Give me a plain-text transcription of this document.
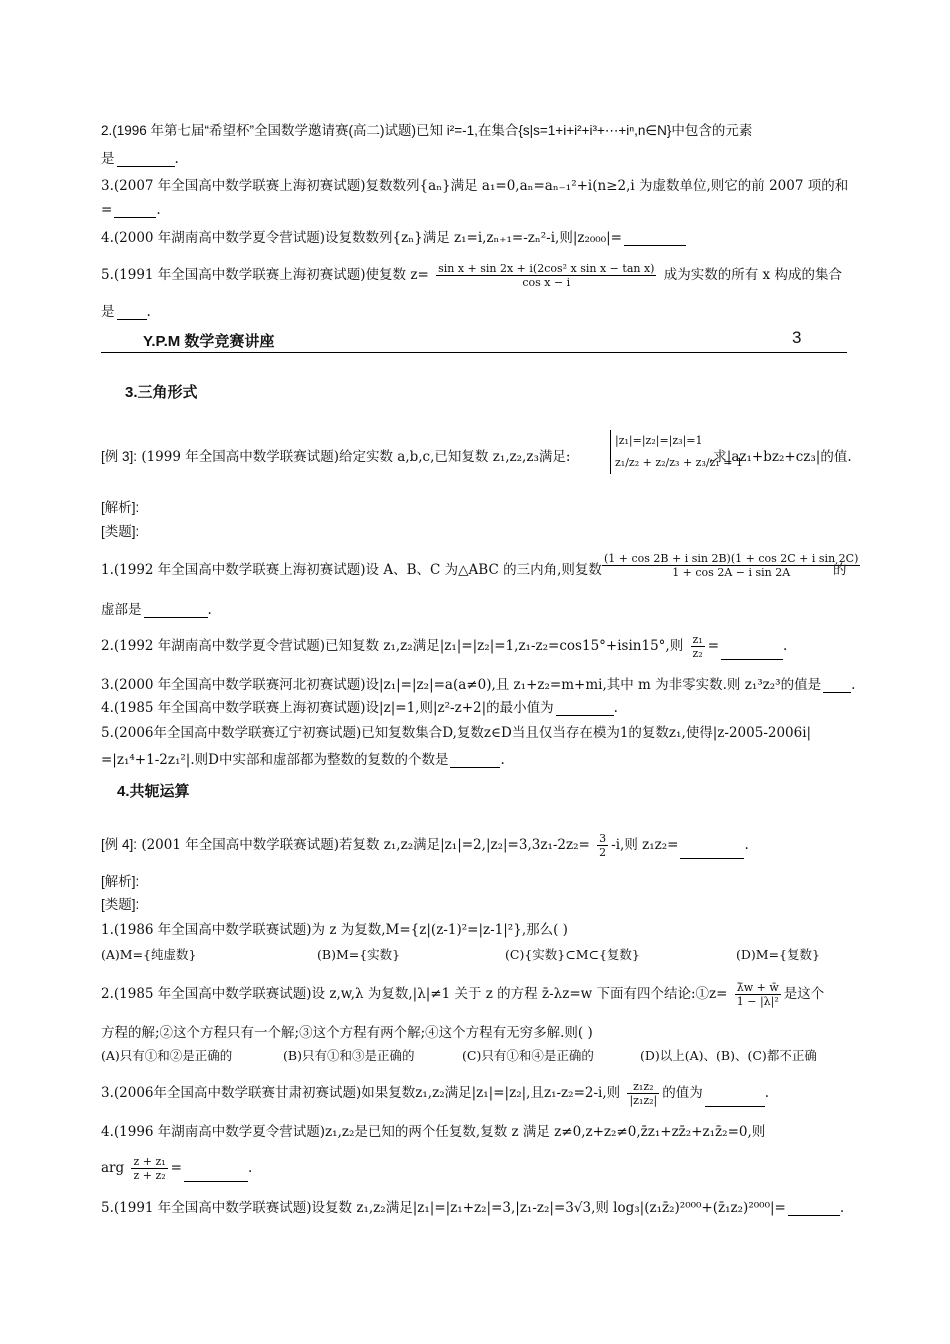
2.(1996 年第七届“希望杯”全国数学邀请赛(高二)试题)已知 i²=-1,在集合{s|s=1+i+i²+i³+⋯+iⁿ,n∈N}中包含的元素
是	.
3.(2007 年全国高中数学联赛上海初赛试题)复数数列{aₙ}满足 a₁=0,aₙ=aₙ₋₁²+i(n≥2,i 为虚数单位,则它的前 2007 项的和
=	.
4.(2000 年湖南高中数学夏令营试题)设复数数列{zₙ}满足 z₁=i,zₙ₊₁=-zₙ²-i,则|z₂₀₀₀|=
5.(1991 年全国高中数学联赛上海初赛试题)使复数 $z= \frac{\text{sin x + sin 2x + i(2cos² x sin x − tan x)}}{\text{cos x − i}}$ 成为实数的所有 x 构成的集合
是 .
Y.P.M 数学竞赛讲座	3
3.三角形式
[例 3]: (1999 年全国高中数学联赛试题)给定实数 a,b,c,已知复数 z₁,z₂,z₃满足:
|z₁|=|z₂|=|z₃|=1
z₁/z₂ + z₂/z₃ + z₃/z₁ = 1
,求|az₁+bz₂+cz₃|的值.
[解析]:
[类题]:
1.(1992 年全国高中数学联赛上海初赛试题)设 A、B、C 为△ABC 的三内角,则复数 $\frac{\text{(1 + cos 2B + i sin 2B)(1 + cos 2C + i sin 2C)}}{\text{1 + cos 2A − i sin 2A}}$
的
虚部是	.
2.(1992 年湖南高中数学夏令营试题)已知复数 z₁,z₂满足|z₁|=|z₂|=1,z₁-z₂=cos15°+isin15°,则 $\frac{\text{z₁}}{\text{z₂}}$ =	.
3.(2000 年全国高中数学联赛河北初赛试题)设|z₁|=|z₂|=a(a≠0),且 z₁+z₂=m+mi,其中 m 为非零实数.则 z₁³z₂³的值是 .
4.(1985 年全国高中数学联赛上海初赛试题)设|z|=1,则|z²-z+2|的最小值为	.
5.(2006年全国高中数学联赛辽宁初赛试题)已知复数集合D,复数z∈D当且仅当存在模为1的复数z₁,使得|z-2005-2006i|
=|z₁⁴+1-2z₁²|.则D中实部和虚部都为整数的复数的个数是	.
4.共轭运算
[例 4]: (2001 年全国高中数学联赛试题)若复数 z₁,z₂满足$|z_1|=2,|z_2|=3,3z_1-2z_2= \frac{3}{2} -i$,则 z₁z₂=	.
[解析]:
[类题]:
1.(1986 年全国高中数学联赛试题)为 z 为复数,M={z|(z-1)²=|z-1|²},那么( )
(A)M={纯虚数}	(B)M={实数}	(C){实数}⊂M⊂{复数}	(D)M={复数}
2.(1985 年全国高中数学联赛试题)设 z,w,λ 为复数,|λ|≠1 关于 z 的方程 z̄-λz=w 下面有四个结论:①z= $\frac{\lambdāw + w̄}{\text{1 − |λ|²}}$ 是这个
方程的解;②这个方程只有一个解;③这个方程有两个解;④这个方程有无穷多解.则( )
(A)只有①和②是正确的	(B)只有①和③是正确的	(C)只有①和④是正确的	(D)以上(A)、(B)、(C)都不正确
3.(2006年全国高中数学联赛甘肃初赛试题)如果复数z₁,z₂满足|z₁|=|z₂|,且z₁-z₂=2-i,则 $\frac{\text{z₁z₂}}{\text{|z₁z₂|}}$ 的值为	.
4.(1996 年湖南高中数学夏令营试题)z₁,z₂是已知的两个任复数,复数 z 满足 z≠0,z+z₂≠0,z̄z₁+zz̄₂+z₁z̄₂=0,则
arg $\frac{\text{z + z₁}}{\text{z + z₂}}$ =	.
5.(1991 年全国高中数学联赛试题)设复数 z₁,z₂满足|z₁|=|z₁+z₂|=3,|z₁-z₂|=3√3,则 log₃|(z₁z̄₂)²⁰⁰⁰+(z̄₁z₂)²⁰⁰⁰|=	.
